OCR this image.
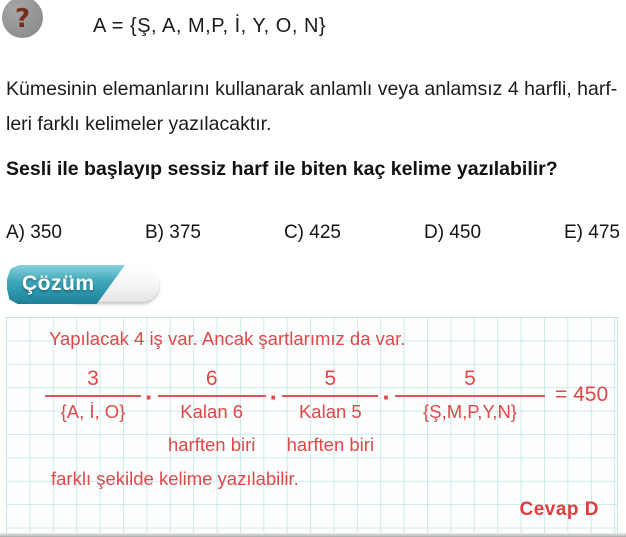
?	A = {Ş, A, M,P, İ, Y, O, N}
Kümesinin elemanlarını kullanarak anlamlı veya anlamsız 4 harfli, harf-
leri farklı kelimeler yazılacaktır.
Sesli ile başlayıp sessiz harf ile biten kaç kelime yazılabilir?
A) 350	B) 375	C) 425	D) 450	E) 475
Çözüm
Yapılacak 4 iş var. Ancak şartlarımız da var.
$\frac{3}{\{A, İ, O\}}$ ·
6
Kalan 6
harften biri
·
5
Kalan 5
harften biri
· $\frac{5}{\{Ş,M,P,Y,N\}} = 450$
farklı şekilde kelime yazılabilir.
Cevap D
